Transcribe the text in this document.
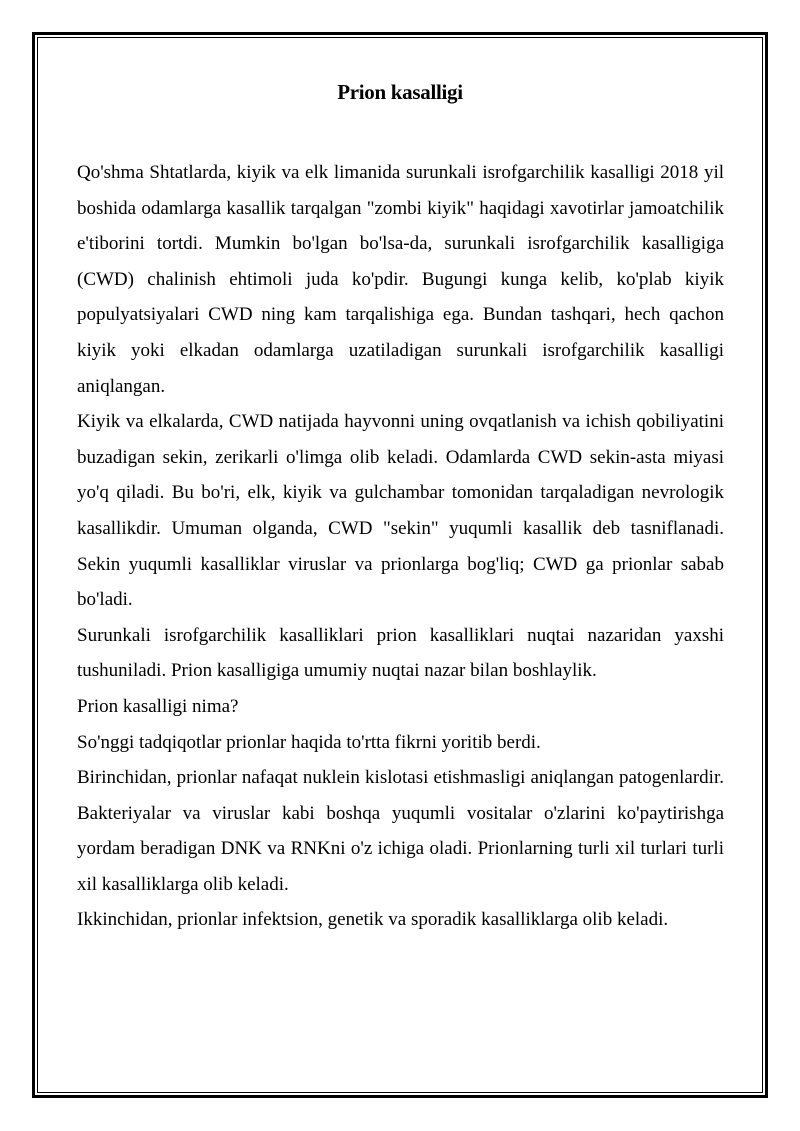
Prion kasalligi

Qo'shma Shtatlarda, kiyik va elk limanida surunkali isrofgarchilik kasalligi 2018 yil boshida odamlarga kasallik tarqalgan "zombi kiyik" haqidagi xavotirlar jamoatchilik e'tiborini tortdi. Mumkin bo'lgan bo'lsa-da, surunkali isrofgarchilik kasalligiga (CWD) chalinish ehtimoli juda ko'pdir. Bugungi kunga kelib, ko'plab kiyik populyatsiyalari CWD ning kam tarqalishiga ega. Bundan tashqari, hech qachon kiyik yoki elkadan odamlarga uzatiladigan surunkali isrofgarchilik kasalligi aniqlangan.

Kiyik va elkalarda, CWD natijada hayvonni uning ovqatlanish va ichish qobiliyatini buzadigan sekin, zerikarli o'limga olib keladi. Odamlarda CWD sekin-asta miyasi yo'q qiladi. Bu bo'ri, elk, kiyik va gulchambar tomonidan tarqaladigan nevrologik kasallikdir. Umuman olganda, CWD "sekin" yuqumli kasallik deb tasniflanadi. Sekin yuqumli kasalliklar viruslar va prionlarga bog'liq; CWD ga prionlar sabab bo'ladi.

Surunkali isrofgarchilik kasalliklari prion kasalliklari nuqtai nazaridan yaxshi tushuniladi. Prion kasalligiga umumiy nuqtai nazar bilan boshlaylik.

Prion kasalligi nima?

So'nggi tadqiqotlar prionlar haqida to'rtta fikrni yoritib berdi.

Birinchidan, prionlar nafaqat nuklein kislotasi etishmasligi aniqlangan patogenlardir. Bakteriyalar va viruslar kabi boshqa yuqumli vositalar o'zlarini ko'paytirishga yordam beradigan DNK va RNKni o'z ichiga oladi. Prionlarning turli xil turlari turli xil kasalliklarga olib keladi.

Ikkinchidan, prionlar infektsion, genetik va sporadik kasalliklarga olib keladi.
